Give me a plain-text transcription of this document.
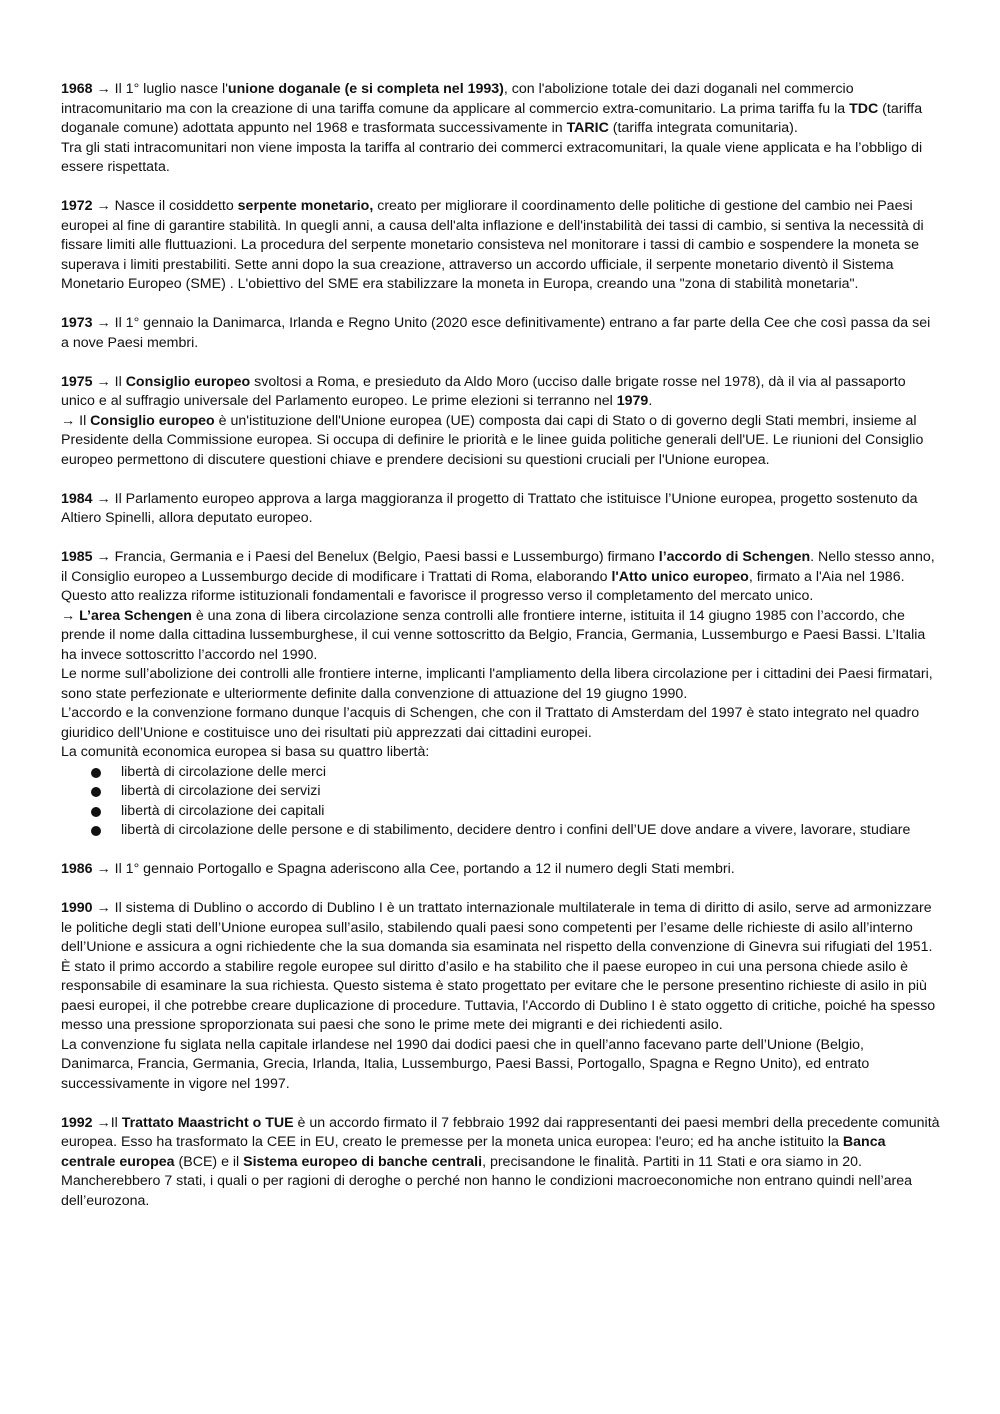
1968 → Il 1° luglio nasce l'unione doganale (e si completa nel 1993), con l'abolizione totale dei dazi doganali nel commercio intracomunitario ma con la creazione di una tariffa comune da applicare al commercio extra-comunitario. La prima tariffa fu la TDC (tariffa doganale comune) adottata appunto nel 1968 e trasformata successivamente in TARIC (tariffa integrata comunitaria).

Tra gli stati intracomunitari non viene imposta la tariffa al contrario dei commerci extracomunitari, la quale viene applicata e ha l’obbligo di essere rispettata.

1972 → Nasce il cosiddetto serpente monetario, creato per migliorare il coordinamento delle politiche di gestione del cambio nei Paesi europei al fine di garantire stabilità. In quegli anni, a causa dell'alta inflazione e dell'instabilità dei tassi di cambio, si sentiva la necessità di fissare limiti alle fluttuazioni. La procedura del serpente monetario consisteva nel monitorare i tassi di cambio e sospendere la moneta se superava i limiti prestabiliti. Sette anni dopo la sua creazione, attraverso un accordo ufficiale, il serpente monetario diventò il Sistema Monetario Europeo (SME) . L'obiettivo del SME era stabilizzare la moneta in Europa, creando una "zona di stabilità monetaria".

1973 → Il 1° gennaio la Danimarca, Irlanda e Regno Unito (2020 esce definitivamente) entrano a far parte della Cee che così passa da sei a nove Paesi membri.

1975 → Il Consiglio europeo svoltosi a Roma, e presieduto da Aldo Moro (ucciso dalle brigate rosse nel 1978), dà il via al passaporto unico e al suffragio universale del Parlamento europeo. Le prime elezioni si terranno nel 1979.

→ Il Consiglio europeo è un'istituzione dell'Unione europea (UE) composta dai capi di Stato o di governo degli Stati membri, insieme al Presidente della Commissione europea. Si occupa di definire le priorità e le linee guida politiche generali dell'UE. Le riunioni del Consiglio europeo permettono di discutere questioni chiave e prendere decisioni su questioni cruciali per l'Unione europea.

1984 → Il Parlamento europeo approva a larga maggioranza il progetto di Trattato che istituisce l’Unione europea, progetto sostenuto da Altiero Spinelli, allora deputato europeo.

1985 → Francia, Germania e i Paesi del Benelux (Belgio, Paesi bassi e Lussemburgo) firmano l’accordo di Schengen. Nello stesso anno, il Consiglio europeo a Lussemburgo decide di modificare i Trattati di Roma, elaborando l'Atto unico europeo, firmato a l'Aia nel 1986. Questo atto realizza riforme istituzionali fondamentali e favorisce il progresso verso il completamento del mercato unico.

→ L’area Schengen è una zona di libera circolazione senza controlli alle frontiere interne, istituita il 14 giugno 1985 con l’accordo, che prende il nome dalla cittadina lussemburghese, il cui venne sottoscritto da Belgio, Francia, Germania, Lussemburgo e Paesi Bassi. L’Italia ha invece sottoscritto l’accordo nel 1990.

Le norme sull’abolizione dei controlli alle frontiere interne, implicanti l'ampliamento della libera circolazione per i cittadini dei Paesi firmatari, sono state perfezionate e ulteriormente definite dalla convenzione di attuazione del 19 giugno 1990.

L’accordo e la convenzione formano dunque l’acquis di Schengen, che con il Trattato di Amsterdam del 1997 è stato integrato nel quadro giuridico dell’Unione e costituisce uno dei risultati più apprezzati dai cittadini europei.

La comunità economica europea si basa su quattro libertà:

libertà di circolazione delle merci
libertà di circolazione dei servizi
libertà di circolazione dei capitali
libertà di circolazione delle persone e di stabilimento, decidere dentro i confini dell’UE dove andare a vivere, lavorare, studiare

1986 → Il 1° gennaio Portogallo e Spagna aderiscono alla Cee, portando a 12 il numero degli Stati membri.

1990 → Il sistema di Dublino o accordo di Dublino I è un trattato internazionale multilaterale in tema di diritto di asilo, serve ad armonizzare le politiche degli stati dell’Unione europea sull’asilo, stabilendo quali paesi sono competenti per l’esame delle richieste di asilo all’interno dell’Unione e assicura a ogni richiedente che la sua domanda sia esaminata nel rispetto della convenzione di Ginevra sui rifugiati del 1951. È stato il primo accordo a stabilire regole europee sul diritto d’asilo e ha stabilito che il paese europeo in cui una persona chiede asilo è responsabile di esaminare la sua richiesta. Questo sistema è stato progettato per evitare che le persone presentino richieste di asilo in più paesi europei, il che potrebbe creare duplicazione di procedure. Tuttavia, l'Accordo di Dublino I è stato oggetto di critiche, poiché ha spesso messo una pressione sproporzionata sui paesi che sono le prime mete dei migranti e dei richiedenti asilo.

La convenzione fu siglata nella capitale irlandese nel 1990 dai dodici paesi che in quell’anno facevano parte dell’Unione (Belgio, Danimarca, Francia, Germania, Grecia, Irlanda, Italia, Lussemburgo, Paesi Bassi, Portogallo, Spagna e Regno Unito), ed entrato successivamente in vigore nel 1997.

1992 →Il Trattato Maastricht o TUE è un accordo firmato il 7 febbraio 1992 dai rappresentanti dei paesi membri della precedente comunità europea. Esso ha trasformato la CEE in EU, creato le premesse per la moneta unica europea: l'euro; ed ha anche istituito la Banca centrale europea (BCE) e il Sistema europeo di banche centrali, precisandone le finalità. Partiti in 11 Stati e ora siamo in 20. Mancherebbero 7 stati, i quali o per ragioni di deroghe o perché non hanno le condizioni macroeconomiche non entrano quindi nell’area dell’eurozona.
